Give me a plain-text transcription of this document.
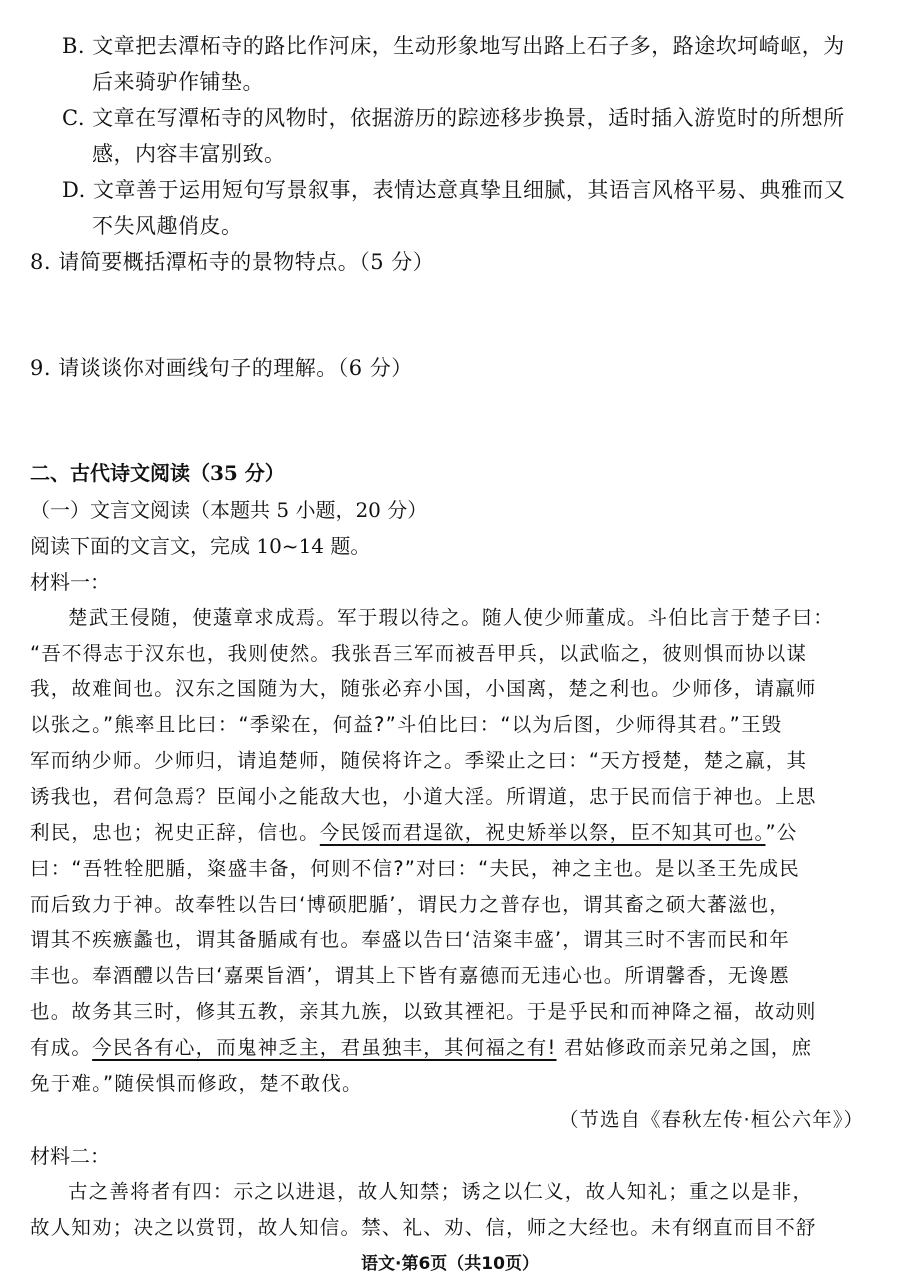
B. 文章把去潭柘寺的路比作河床，生动形象地写出路上石子多，路途坎坷崎岖，为
后来骑驴作铺垫。
C. 文章在写潭柘寺的风物时，依据游历的踪迹移步换景，适时插入游览时的所想所
感，内容丰富别致。
D. 文章善于运用短句写景叙事，表情达意真挚且细腻，其语言风格平易、典雅而又
不失风趣俏皮。
8. 请简要概括潭柘寺的景物特点。（5 分）
9. 请谈谈你对画线句子的理解。（6 分）
二、古代诗文阅读（35 分）
（一）文言文阅读（本题共 5 小题，20 分）
阅读下面的文言文，完成 10~14 题。
材料一：
楚武王侵随，使薳章求成焉。军于瑕以待之。随人使少师董成。斗伯比言于楚子曰：
“吾不得志于汉东也，我则使然。我张吾三军而被吾甲兵，以武临之，彼则惧而协以谋
我，故难间也。汉东之国随为大，随张必弃小国，小国离，楚之利也。少师侈，请羸师
以张之。”熊率且比曰：“季梁在，何益?”斗伯比曰：“以为后图，少师得其君。”王毁
军而纳少师。少师归，请追楚师，随侯将许之。季梁止之曰：“天方授楚，楚之羸，其
诱我也，君何急焉？臣闻小之能敌大也，小道大淫。所谓道，忠于民而信于神也。上思
利民，忠也；祝史正辞，信也。今民馁而君逞欲，祝史矫举以祭，臣不知其可也。”公
曰：“吾牲牷肥腯，粢盛丰备，何则不信?”对曰：“夫民，神之主也。是以圣王先成民
而后致力于神。故奉牲以告曰‘博硕肥腯’，谓民力之普存也，谓其畜之硕大蕃滋也，
谓其不疾瘯蠡也，谓其备腯咸有也。奉盛以告曰‘洁粢丰盛’，谓其三时不害而民和年
丰也。奉酒醴以告曰‘嘉栗旨酒’，谓其上下皆有嘉德而无违心也。所谓馨香，无谗慝
也。故务其三时，修其五教，亲其九族，以致其禋祀。于是乎民和而神降之福，故动则
有成。今民各有心，而鬼神乏主，君虽独丰，其何福之有! 君姑修政而亲兄弟之国，庶
免于难。”随侯惧而修政，楚不敢伐。
（节选自《春秋左传·桓公六年》）
材料二：
古之善将者有四：示之以进退，故人知禁；诱之以仁义，故人知礼；重之以是非，
故人知劝；决之以赏罚，故人知信。禁、礼、劝、信，师之大经也。未有纲直而目不舒
语文·第6页（共10页）
